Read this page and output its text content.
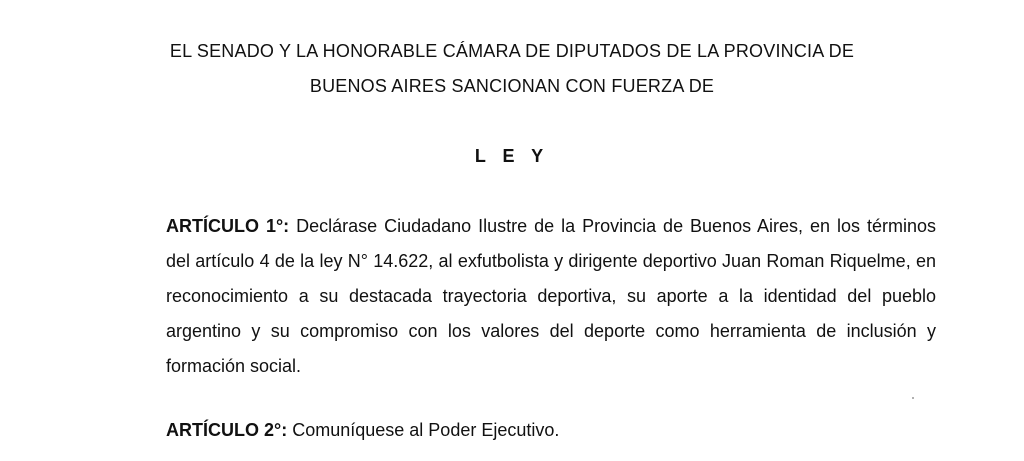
EL SENADO Y LA HONORABLE CÁMARA DE DIPUTADOS DE LA PROVINCIA DE
BUENOS AIRES SANCIONAN CON FUERZA DE
L E Y
ARTÍCULO 1°: Declárase Ciudadano Ilustre de la Provincia de Buenos Aires, en los términos del artículo 4 de la ley N° 14.622, al exfutbolista y dirigente deportivo Juan Roman Riquelme, en reconocimiento a su destacada trayectoria deportiva, su aporte a la identidad del pueblo argentino y su compromiso con los valores del deporte como herramienta de inclusión y formación social.
ARTÍCULO 2°: Comuníquese al Poder Ejecutivo.
